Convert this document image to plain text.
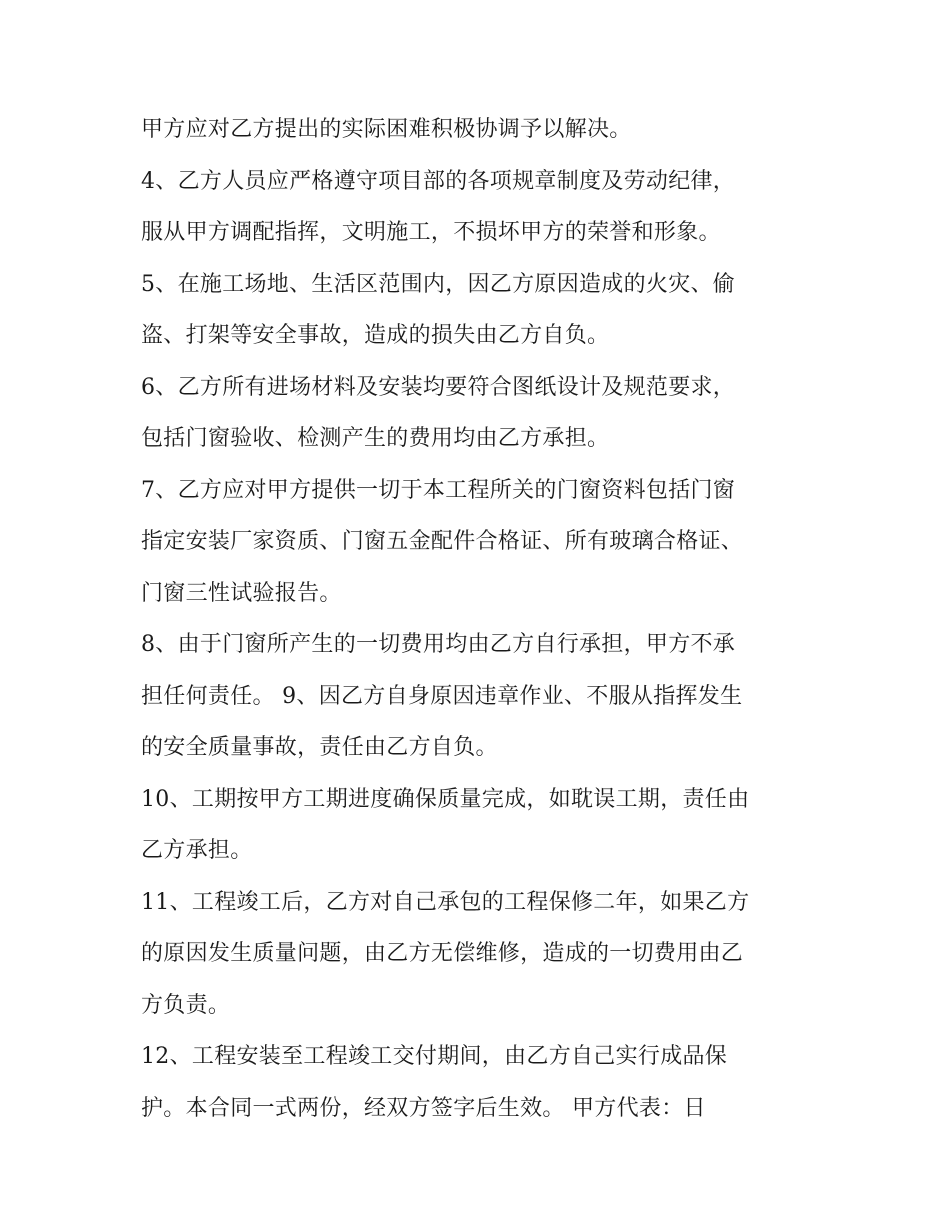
甲方应对乙方提出的实际困难积极协调予以解决。
4、乙方人员应严格遵守项目部的各项规章制度及劳动纪律，
服从甲方调配指挥，文明施工，不损坏甲方的荣誉和形象。
5、在施工场地、生活区范围内，因乙方原因造成的火灾、偷
盗、打架等安全事故，造成的损失由乙方自负。
6、乙方所有进场材料及安装均要符合图纸设计及规范要求，
包括门窗验收、检测产生的费用均由乙方承担。
7、乙方应对甲方提供一切于本工程所关的门窗资料包括门窗
指定安装厂家资质、门窗五金配件合格证、所有玻璃合格证、
门窗三性试验报告。
8、由于门窗所产生的一切费用均由乙方自行承担，甲方不承
担任何责任。 9、因乙方自身原因违章作业、不服从指挥发生
的安全质量事故，责任由乙方自负。
10、工期按甲方工期进度确保质量完成，如耽误工期，责任由
乙方承担。
11、工程竣工后，乙方对自己承包的工程保修二年，如果乙方
的原因发生质量问题，由乙方无偿维修，造成的一切费用由乙
方负责。
12、工程安装至工程竣工交付期间，由乙方自己实行成品保
护。本合同一式两份，经双方签字后生效。 甲方代表：日
